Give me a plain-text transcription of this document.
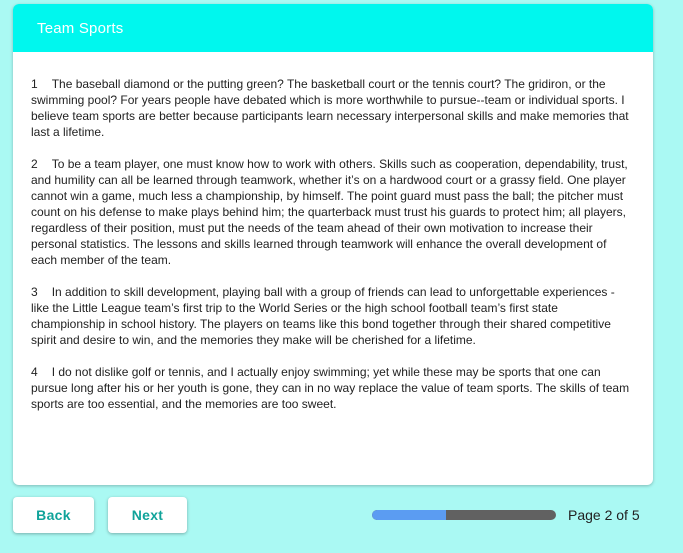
Team Sports

1 The baseball diamond or the putting green? The basketball court or the tennis court? The gridiron, or the swimming pool? For years people have debated which is more worthwhile to pursue--team or individual sports. I believe team sports are better because participants learn necessary interpersonal skills and make memories that last a lifetime.

2 To be a team player, one must know how to work with others. Skills such as cooperation, dependability, trust, and humility can all be learned through teamwork, whether it’s on a hardwood court or a grassy field. One player cannot win a game, much less a championship, by himself. The point guard must pass the ball; the pitcher must count on his defense to make plays behind him; the quarterback must trust his guards to protect him; all players, regardless of their position, must put the needs of the team ahead of their own motivation to increase their personal statistics. The lessons and skills learned through teamwork will enhance the overall development of each member of the team.

3 In addition to skill development, playing ball with a group of friends can lead to unforgettable experiences - like the Little League team’s first trip to the World Series or the high school football team’s first state championship in school history. The players on teams like this bond together through their shared competitive spirit and desire to win, and the memories they make will be cherished for a lifetime.

4 I do not dislike golf or tennis, and I actually enjoy swimming; yet while these may be sports that one can pursue long after his or her youth is gone, they can in no way replace the value of team sports. The skills of team sports are too essential, and the memories are too sweet.

Back	Next	Page 2 of 5
